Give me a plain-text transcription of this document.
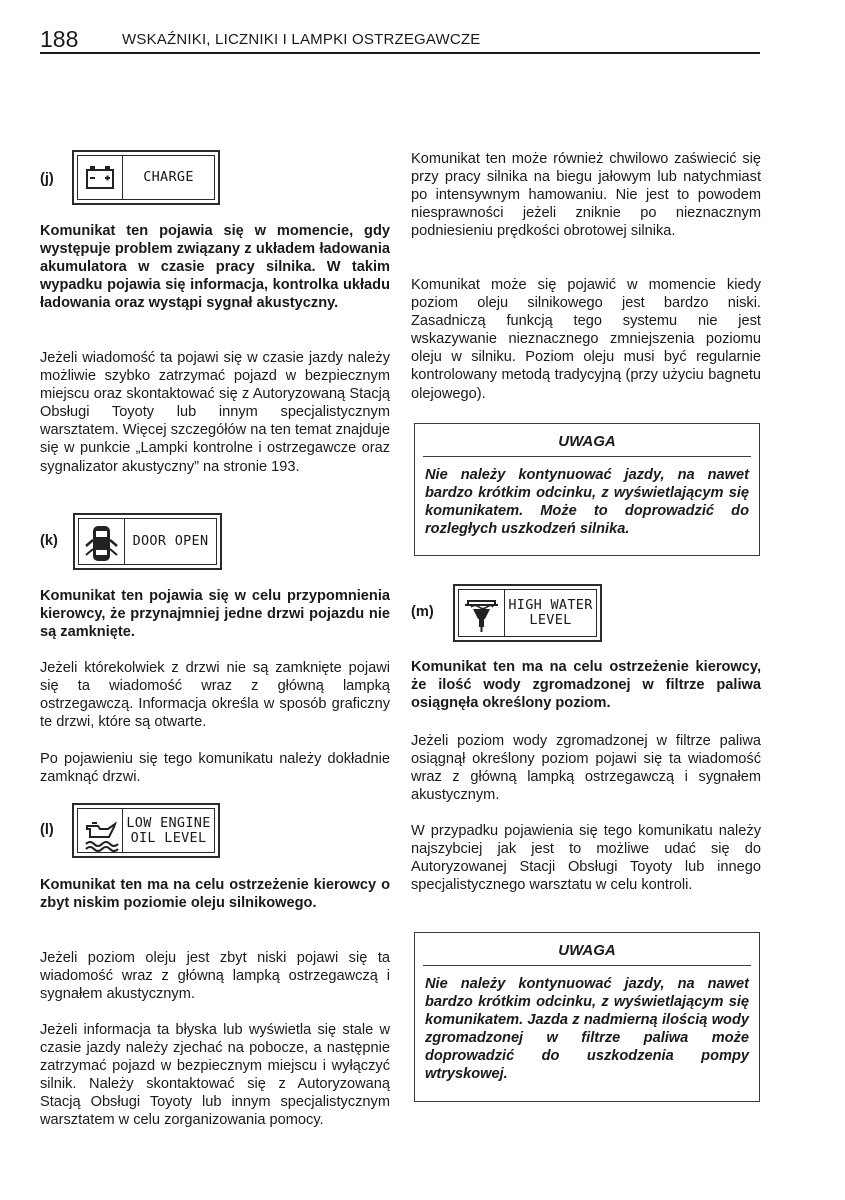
188	WSKAŹNIKI, LICZNIKI I LAMPKI OSTRZEGAWCZE
(j)	CHARGE

Komunikat ten pojawia się w momencie, gdy występuje problem związany z układem ładowania akumulatora w czasie pracy silnika. W takim wypadku pojawia się informacja, kontrolka układu ładowania oraz wystąpi sygnał akustyczny.

Jeżeli wiadomość ta pojawi się w czasie jazdy należy możliwie szybko zatrzymać pojazd w bezpiecznym miejscu oraz skontaktować się z Autoryzowaną Stacją Obsługi Toyoty lub innym specjalistycznym warsztatem. Więcej szczegółów na ten temat znajduje się w punkcie „Lampki kontrolne i ostrzegawcze oraz sygnalizator akustyczny” na stronie 193.

(k)	DOOR OPEN

Komunikat ten pojawia się w celu przypomnienia kierowcy, że przynajmniej jedne drzwi pojazdu nie są zamknięte.

Jeżeli którekolwiek z drzwi nie są zamknięte pojawi się ta wiadomość wraz z główną lampką ostrzegawczą. Informacja określa w sposób graficzny te drzwi, które są otwarte.

Po pojawieniu się tego komunikatu należy dokładnie zamknąć drzwi.

(l)	LOW ENGINE
OIL LEVEL

Komunikat ten ma na celu ostrzeżenie kierowcy o zbyt niskim poziomie oleju silnikowego.

Jeżeli poziom oleju jest zbyt niski pojawi się ta wiadomość wraz z główną lampką ostrzegawczą i sygnałem akustycznym.

Jeżeli informacja ta błyska lub wyświetla się stale w czasie jazdy należy zjechać na pobocze, a następnie zatrzymać pojazd w bezpiecznym miejscu i wyłączyć silnik. Należy skontaktować się z Autoryzowaną Stacją Obsługi Toyoty lub innym specjalistycznym warsztatem w celu zorganizowania pomocy.

Komunikat ten może również chwilowo zaświecić się przy pracy silnika na biegu jałowym lub natychmiast po intensywnym hamowaniu. Nie jest to powodem niesprawności jeżeli zniknie po nieznacznym podniesieniu prędkości obrotowej silnika.

Komunikat może się pojawić w momencie kiedy poziom oleju silnikowego jest bardzo niski. Zasadniczą funkcją tego systemu nie jest wskazywanie nieznacznego zmniejszenia poziomu oleju w silniku. Poziom oleju musi być regularnie kontrolowany metodą tradycyjną (przy użyciu bagnetu olejowego).

UWAGA
Nie należy kontynuować jazdy, na nawet bardzo krótkim odcinku, z wyświetlającym się komunikatem. Może to doprowadzić do rozległych uszkodzeń silnika.
(m)	HIGH WATER
LEVEL

Komunikat ten ma na celu ostrzeżenie kierowcy, że ilość wody zgromadzonej w filtrze paliwa osiągnęła określony poziom.

Jeżeli poziom wody zgromadzonej w filtrze paliwa osiągnął określony poziom pojawi się ta wiadomość wraz z główną lampką ostrzegawczą i sygnałem akustycznym.

W przypadku pojawienia się tego komunikatu należy najszybciej jak jest to możliwe udać się do Autoryzowanej Stacji Obsługi Toyoty lub innego specjalistycznego warsztatu w celu kontroli.

UWAGA
Nie należy kontynuować jazdy, na nawet bardzo krótkim odcinku, z wyświetlającym się komunikatem. Jazda z nadmierną ilością wody zgromadzonej w filtrze paliwa może doprowadzić do uszkodzenia pompy wtryskowej.
